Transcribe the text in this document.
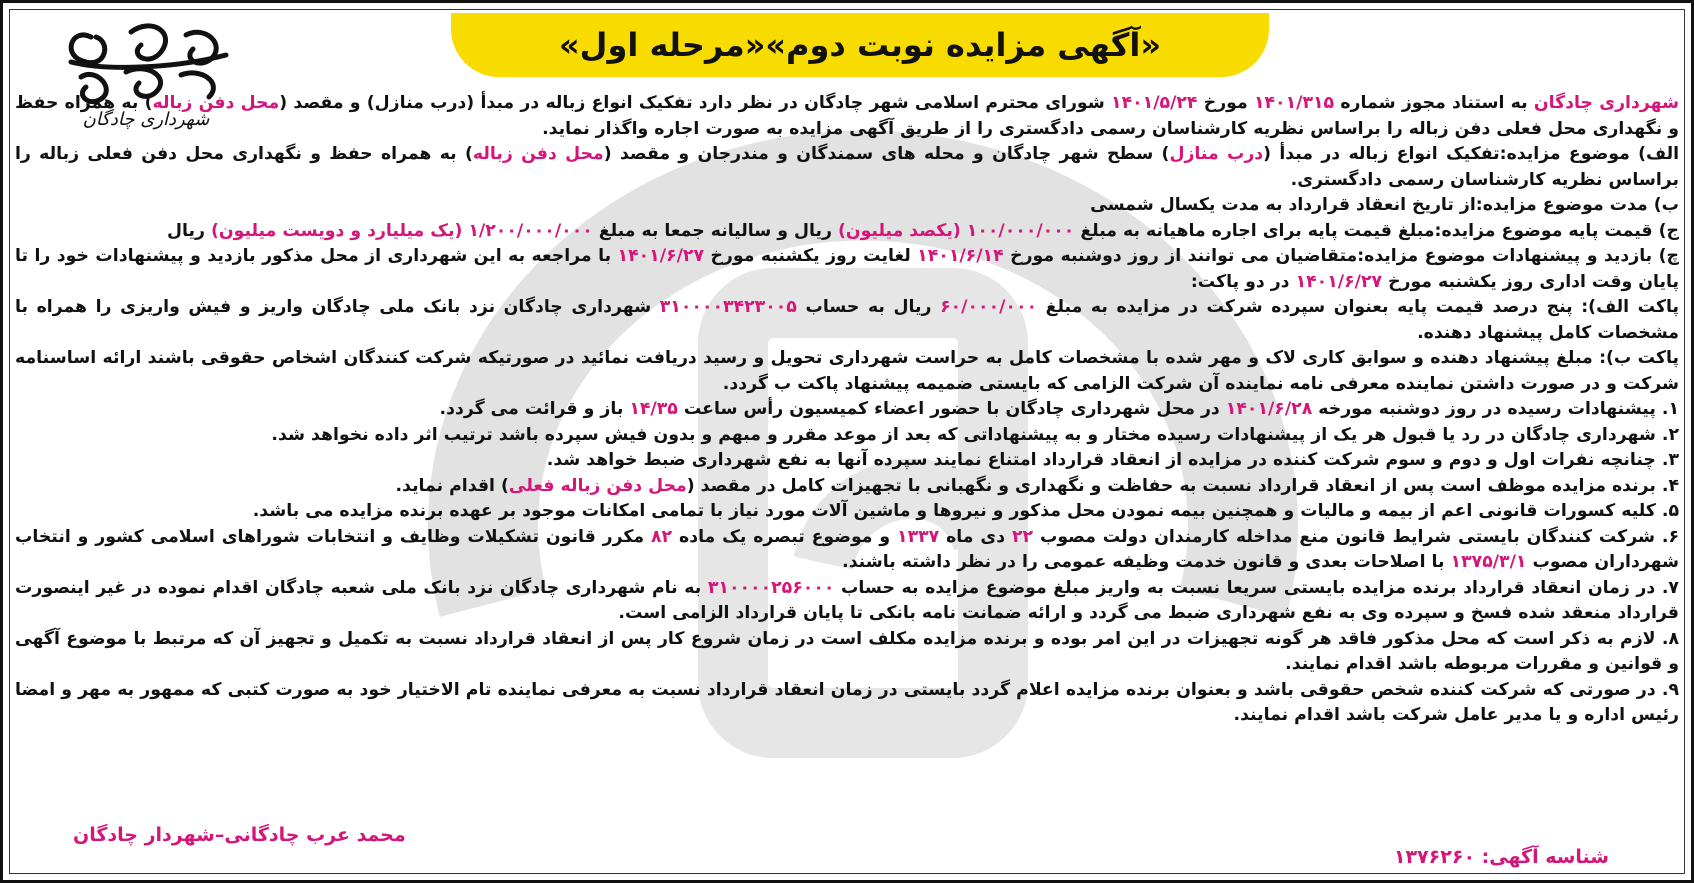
«آگهی مزایده نوبت دوم»«مرحله اول»
شهرداری چادگان

شهرداری چادگان به استناد مجوز شماره ۱۴۰۱/۳۱۵ مورخ ۱۴۰۱/۵/۲۴ شورای محترم اسلامی شهر چادگان در نظر دارد تفکیک انواع زباله در مبدأ (درب منازل) و مقصد (محل دفن زباله) به همراه حفظ و نگهداری محل فعلی دفن زباله را براساس نظریه کارشناسان رسمی دادگستری را از طریق آگهی مزایده به صورت اجاره واگذار نماید.

الف) موضوع مزایده:تفکیک انواع زباله در مبدأ (درب منازل) سطح شهر چادگان و محله های سمندگان و مندرجان و مقصد (محل دفن زباله) به همراه حفظ و نگهداری محل دفن فعلی زباله را براساس نظریه کارشناسان رسمی دادگستری.

ب) مدت موضوع مزایده:از تاریخ انعقاد قرارداد به مدت یکسال شمسی

ج) قیمت پایه موضوع مزایده:مبلغ قیمت پایه برای اجاره ماهیانه به مبلغ ۱۰۰/۰۰۰/۰۰۰ (یکصد میلیون) ریال و سالیانه جمعا به مبلغ ۱/۲۰۰/۰۰۰/۰۰۰ (یک میلیارد و دویست میلیون) ریال

چ) بازدید و پیشنهادات موضوع مزایده:متقاضیان می توانند از روز دوشنبه مورخ ۱۴۰۱/۶/۱۴ لغایت روز یکشنبه مورخ ۱۴۰۱/۶/۲۷ با مراجعه به این شهرداری از محل مذکور بازدید و پیشنهادات خود را تا پایان وقت اداری روز یکشنبه مورخ ۱۴۰۱/۶/۲۷ در دو پاکت:

پاکت الف): پنج درصد قیمت پایه بعنوان سپرده شرکت در مزایده به مبلغ ۶۰/۰۰۰/۰۰۰ ریال به حساب ۳۱۰۰۰۰۳۴۲۳۰۰۵ شهرداری چادگان نزد بانک ملی چادگان واریز و فیش واریزی را همراه با مشخصات کامل پیشنهاد دهنده.

پاکت ب): مبلغ پیشنهاد دهنده و سوابق کاری لاک و مهر شده با مشخصات کامل به حراست شهرداری تحویل و رسید دریافت نمائید در صورتیکه شرکت کنندگان اشخاص حقوقی باشند ارائه اساسنامه شرکت و در صورت داشتن نماینده معرفی نامه نماینده آن شرکت الزامی که بایستی ضمیمه پیشنهاد پاکت ب گردد.

۱. پیشنهادات رسیده در روز دوشنبه مورخه ۱۴۰۱/۶/۲۸ در محل شهرداری چادگان با حضور اعضاء کمیسیون رأس ساعت ۱۴/۳۵ باز و قرائت می گردد.

۲. شهرداری چادگان در رد یا قبول هر یک از پیشنهادات رسیده مختار و به پیشنهاداتی که بعد از موعد مقرر و مبهم و بدون فیش سپرده باشد ترتیب اثر داده نخواهد شد.

۳. چنانچه نفرات اول و دوم و سوم شرکت کننده در مزایده از انعقاد قرارداد امتناع نمایند سپرده آنها به نفع شهرداری ضبط خواهد شد.

۴. برنده مزایده موظف است پس از انعقاد قرارداد نسبت به حفاظت و نگهداری و نگهبانی با تجهیزات کامل در مقصد (محل دفن زباله فعلی) اقدام نماید.

۵. کلیه کسورات قانونی اعم از بیمه و مالیات و همچنین بیمه نمودن محل مذکور و نیروها و ماشین آلات مورد نیاز با تمامی امکانات موجود بر عهده برنده مزایده می باشد.

۶. شرکت کنندگان بایستی شرایط قانون منع مداخله کارمندان دولت مصوب ۲۲ دی ماه ۱۳۳۷ و موضوع تبصره یک ماده ۸۲ مکرر قانون تشکیلات وظایف و انتخابات شوراهای اسلامی کشور و انتخاب شهرداران مصوب ۱۳۷۵/۳/۱ با اصلاحات بعدی و قانون خدمت وظیفه عمومی را در نظر داشته باشند.

۷. در زمان انعقاد قرارداد برنده مزایده بایستی سریعا نسبت به واریز مبلغ موضوع مزایده به حساب ۳۱۰۰۰۰۲۵۶۰۰۰ به نام شهرداری چادگان نزد بانک ملی شعبه چادگان اقدام نموده در غیر اینصورت قرارداد منعقد شده فسخ و سپرده وی به نفع شهرداری ضبط می گردد و ارائه ضمانت نامه بانکی تا پایان قرارداد الزامی است.

۸. لازم به ذکر است که محل مذکور فاقد هر گونه تجهیزات در این امر بوده و برنده مزایده مکلف است در زمان شروع کار پس از انعقاد قرارداد نسبت به تکمیل و تجهیز آن که مرتبط با موضوع آگهی و قوانین و مقررات مربوطه باشد اقدام نمایند.

۹. در صورتی که شرکت کننده شخص حقوقی باشد و بعنوان برنده مزایده اعلام گردد بایستی در زمان انعقاد قرارداد نسبت به معرفی نماینده تام الاختیار خود به صورت کتبی که ممهور به مهر و امضا رئیس اداره و یا مدیر عامل شرکت باشد اقدام نمایند.

شناسه آگهی: ۱۳۷۶۲۶۰
محمد عرب چادگانی–شهردار چادگان
